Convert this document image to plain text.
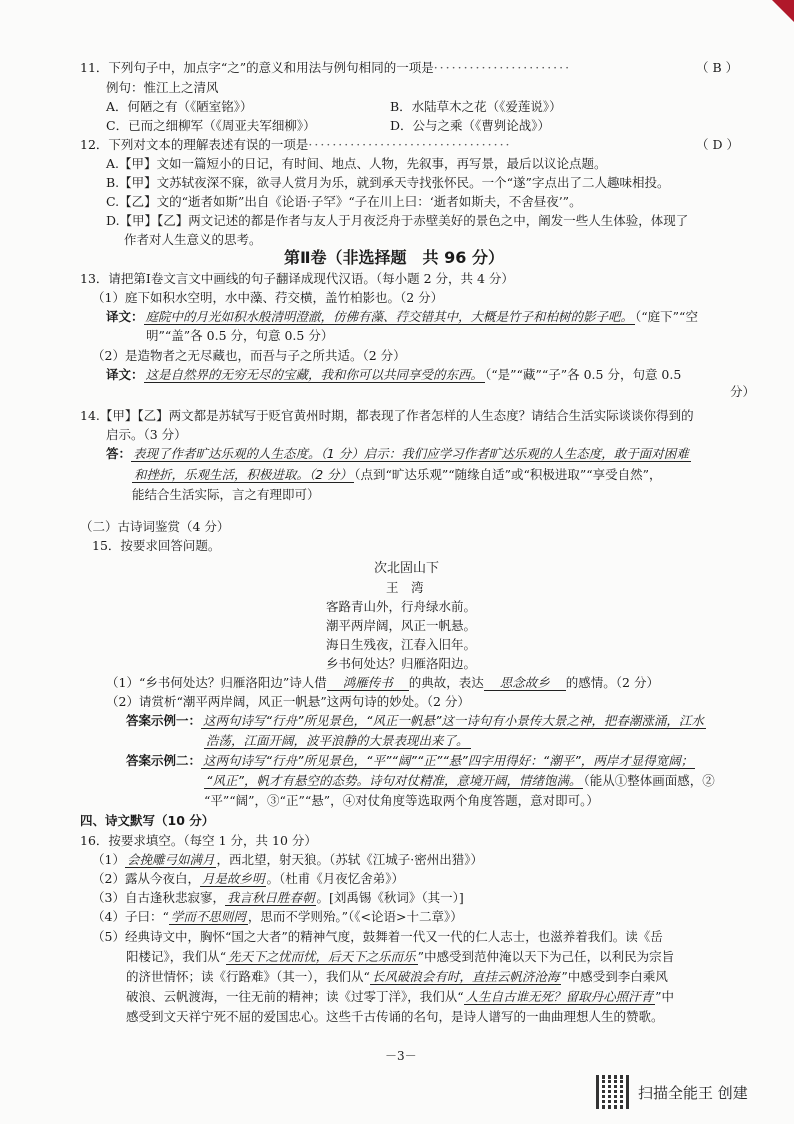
11．下列句子中，加点字“之”的意义和用法与例句相同的一项是·······················	（ B ）
例句：惟江上之清风
A．何陋之有（《陋室铭》）	B．水陆草木之花（《爱莲说》）
C．已而之细柳军（《周亚夫军细柳》）	D．公与之乘（《曹刿论战》）
12．下列对文本的理解表述有误的一项是··································	（ D ）
A.【甲】文如一篇短小的日记，有时间、地点、人物，先叙事，再写景，最后以议论点题。
B.【甲】文苏轼夜深不寐，欲寻人赏月为乐，就到承天寺找张怀民。一个“遂”字点出了二人趣味相投。
C.【乙】文的“逝者如斯”出自《论语·子罕》“子在川上曰：‘逝者如斯夫，不舍昼夜’”。
D.【甲】【乙】两文记述的都是作者与友人于月夜泛舟于赤壁美好的景色之中，阐发一些人生体验，体现了
作者对人生意义的思考。
第Ⅱ卷（非选择题　共 96 分）
13．请把第Ⅰ卷文言文中画线的句子翻译成现代汉语。（每小题 2 分，共 4 分）
（1）庭下如积水空明，水中藻、荇交横，盖竹柏影也。（2 分）
译文： 庭院中的月光如积水般清明澄澈，仿佛有藻、荇交错其中，大概是竹子和柏树的影子吧。 （“庭下”“空
明”“盖”各 0.5 分，句意 0.5 分）
（2）是造物者之无尽藏也，而吾与子之所共适。（2 分）
译文： 这是自然界的无穷无尽的宝藏，我和你可以共同享受的东西。 （“是”“藏”“子”各 0.5 分，句意 0.5
分）
14.【甲】【乙】两文都是苏轼写于贬官黄州时期，都表现了作者怎样的人生态度？请结合生活实际谈谈你得到的
启示。（3 分）
答： 表现了作者旷达乐观的人生态度。（1 分）启示：我们应学习作者旷达乐观的人生态度，敢于面对困难
和挫折，乐观生活，积极进取。（2 分） （点到“旷达乐观”“随缘自适”或“积极进取”“享受自然”，
能结合生活实际，言之有理即可）
（二）古诗词鉴赏（4 分）
15．按要求回答问题。
次北固山下
王　湾
客路青山外，行舟绿水前。
潮平两岸阔，风正一帆悬。
海日生残夜，江春入旧年。
乡书何处达？归雁洛阳边。
（1）“乡书何处达？归雁洛阳边”诗人借 鸿雁传书 的典故，表达 思念故乡 的感情。（2 分）
（2）请赏析“潮平两岸阔，风正一帆悬”这两句诗的妙处。（2 分）
答案示例一： 这两句诗写“行舟”所见景色，“风正一帆悬”这一诗句有小景传大景之神，把春潮涨涌，江水
浩荡，江面开阔，波平浪静的大景表现出来了。
答案示例二： 这两句诗写“行舟”所见景色，“平”“阔”“正”“悬”四字用得好：“潮平”，两岸才显得宽阔；
“风正”，帆才有悬空的态势。诗句对仗精准，意境开阔，情绪饱满。 （能从①整体画面感，②
“平”“阔”，③“正”“悬”，④对仗角度等选取两个角度答题，意对即可。）
四、诗文默写（10 分）
16．按要求填空。（每空 1 分，共 10 分）
（1） 会挽雕弓如满月 ，西北望，射天狼。（苏轼《江城子·密州出猎》）
（2）露从今夜白， 月是故乡明 。（杜甫《月夜忆舍弟》）
（3）自古逢秋悲寂寥， 我言秋日胜春朝 。[刘禹锡《秋词》（其一）]
（4）子曰：“ 学而不思则罔 ，思而不学则殆。”（《<论语>十二章》）
（5）经典诗文中，胸怀“国之大者”的精神气度，鼓舞着一代又一代的仁人志士，也滋养着我们。读《岳
阳楼记》，我们从“ 先天下之忧而忧，后天下之乐而乐 ”中感受到范仲淹以天下为己任，以利民为宗旨
的济世情怀；读《行路难》（其一），我们从“ 长风破浪会有时，直挂云帆济沧海 ”中感受到李白乘风
破浪、云帆渡海，一往无前的精神；读《过零丁洋》，我们从“ 人生自古谁无死？留取丹心照汗青 ”中
感受到文天祥宁死不屈的爱国忠心。这些千古传诵的名句，是诗人谱写的一曲曲理想人生的赞歌。
－3－
扫描全能王 创建
